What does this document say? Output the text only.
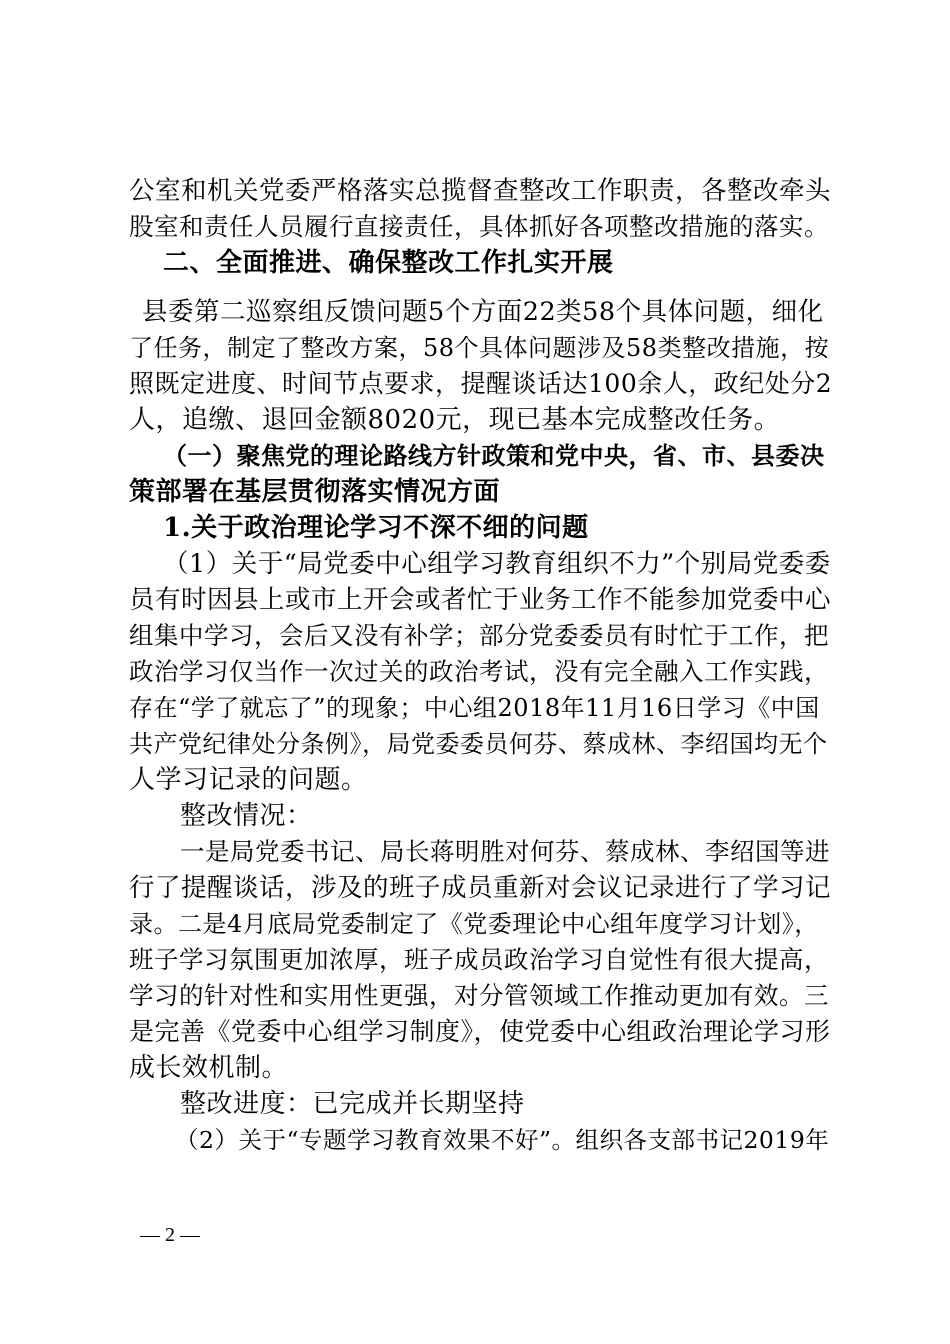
公室和机关党委严格落实总揽督查整改工作职责，各整改牵头
股室和责任人员履行直接责任，具体抓好各项整改措施的落实。
二、全面推进、确保整改工作扎实开展
县委第二巡察组反馈问题5个方面22类58个具体问题，细化
了任务，制定了整改方案，58个具体问题涉及58类整改措施，按
照既定进度、时间节点要求，提醒谈话达100余人，政纪处分2
人，追缴、退回金额8020元，现已基本完成整改任务。
（一）聚焦党的理论路线方针政策和党中央，省、市、县委决
策部署在基层贯彻落实情况方面
1.关于政治理论学习不深不细的问题
（1）关于“局党委中心组学习教育组织不力”个别局党委委
员有时因县上或市上开会或者忙于业务工作不能参加党委中心
组集中学习，会后又没有补学；部分党委委员有时忙于工作，把
政治学习仅当作一次过关的政治考试，没有完全融入工作实践，
存在“学了就忘了”的现象；中心组2018年11月16日学习《中国
共产党纪律处分条例》，局党委委员何芬、蔡成林、李绍国均无个
人学习记录的问题。
整改情况：
一是局党委书记、局长蒋明胜对何芬、蔡成林、李绍国等进
行了提醒谈话，涉及的班子成员重新对会议记录进行了学习记
录。二是4月底局党委制定了《党委理论中心组年度学习计划》，
班子学习氛围更加浓厚，班子成员政治学习自觉性有很大提高，
学习的针对性和实用性更强，对分管领域工作推动更加有效。三
是完善《党委中心组学习制度》，使党委中心组政治理论学习形
成长效机制。
整改进度：已完成并长期坚持
（2）关于“专题学习教育效果不好”。组织各支部书记2019年
— 2 —
